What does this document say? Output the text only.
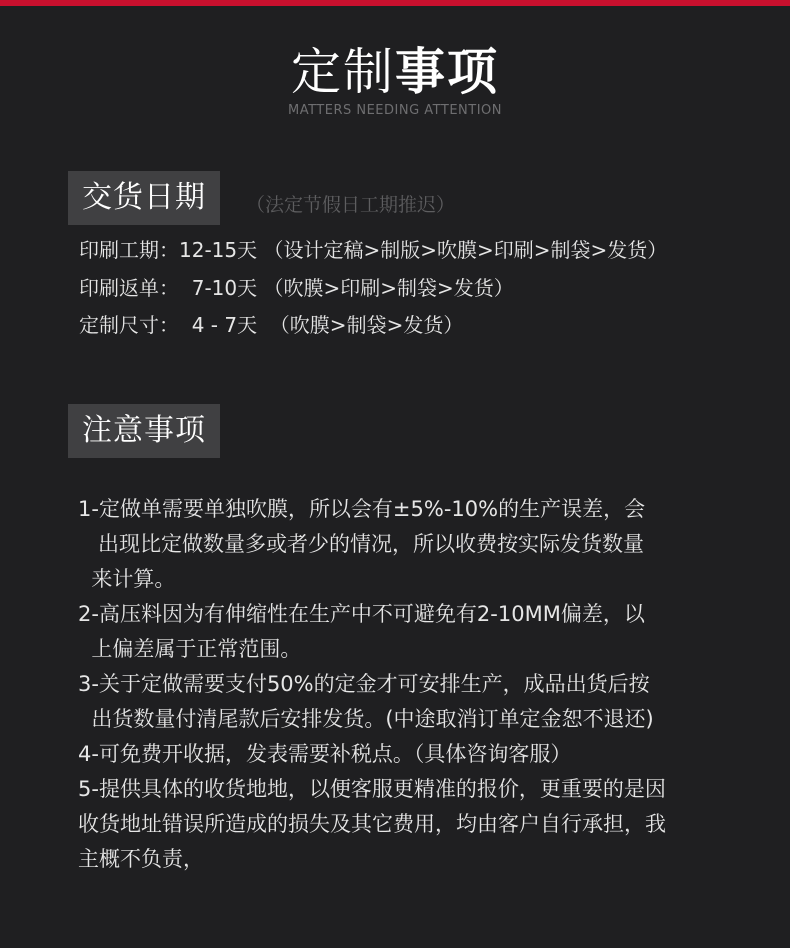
定制事项
MATTERS NEEDING ATTENTION
交货日期	（法定节假日工期推迟）
印刷工期：12-15天 （设计定稿>制版>吹膜>印刷>制袋>发货）
印刷返单：  7-10天 （吹膜>印刷>制袋>发货）
定制尺寸：  4 - 7天  （吹膜>制袋>发货）
注意事项
1-定做单需要单独吹膜，所以会有±5%-10%的生产误差，会
出现比定做数量多或者少的情况，所以收费按实际发货数量
来计算。
2-高压料因为有伸缩性在生产中不可避免有2-10MM偏差，以
上偏差属于正常范围。
3-关于定做需要支付50%的定金才可安排生产，成品出货后按
出货数量付清尾款后安排发货。(中途取消订单定金恕不退还)
4-可免费开收据，发表需要补税点。（具体咨询客服）
5-提供具体的收货地地，以便客服更精准的报价，更重要的是因
收货地址错误所造成的损失及其它费用，均由客户自行承担，我
主概不负责，
